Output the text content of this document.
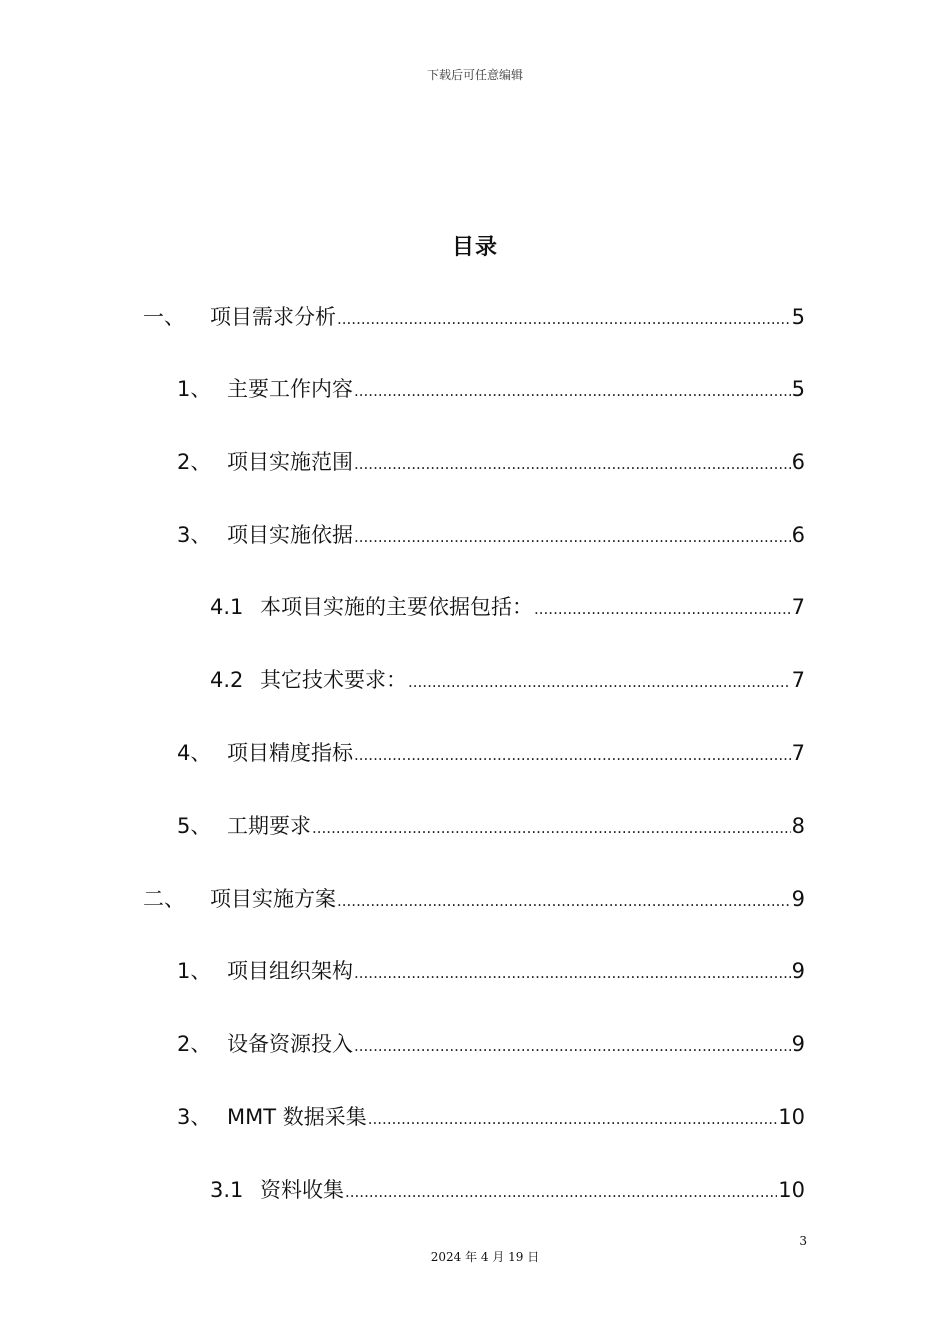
下载后可任意编辑
目录
一、	项目需求分析 .....	5
1、 主要工作内容 .....	5
2、 项目实施范围 .....	6
3、 项目实施依据 .....	6
4.1 本项目实施的主要依据包括： .....	7
4.2 其它技术要求： .....	7
4、 项目精度指标 .....	7
5、 工期要求 .....	8
二、	项目实施方案 .....	9
1、 项目组织架构 .....	9
2、 设备资源投入 .....	9
3、 MMT 数据采集 .....	10
3.1 资料收集 .....	10
3
2024 年 4 月 19 日
